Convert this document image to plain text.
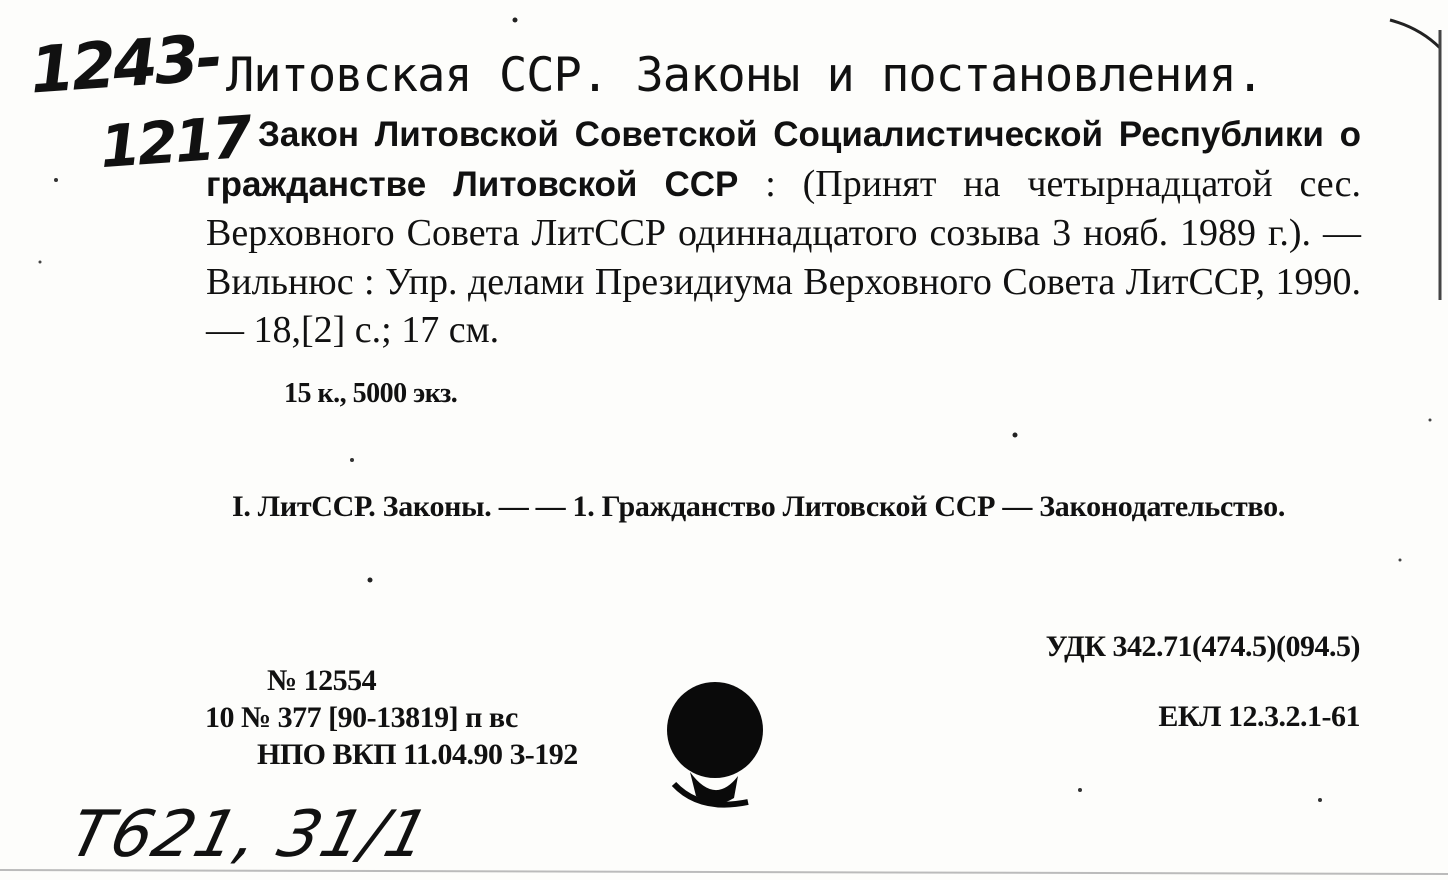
1243-
1217
Литовская ССР. Законы и постановления.

Закон Литовской Советской Социалистической Республики о гражданстве Литовской ССР : (Принят на четырнадцатой сес. Верховного Совета ЛитССР одиннадцатого созыва 3 нояб. 1989 г.). — Вильнюс : Упр. делами Президиума Верховного Совета ЛитССР, 1990. — 18,[2] с.; 17 см.

15 к., 5000 экз.

I. ЛитССР. Законы. — — 1. Гражданство Литовской ССР — Законодательство.

УДК 342.71(474.5)(094.5)

ЕКЛ 12.3.2.1-61

№ 12554
10 № 377 [90-13819] п вс
НПО ВКП 11.04.90 З-192

Т621, 31/1
